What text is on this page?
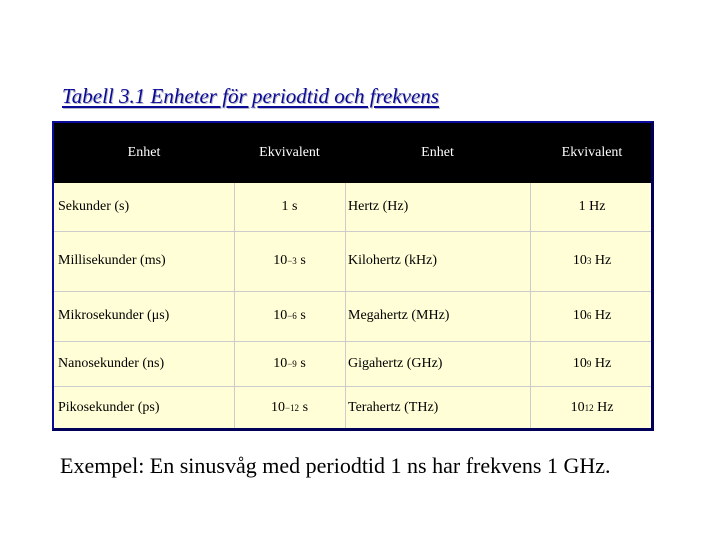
Tabell 3.1 Enheter för periodtid och frekvens
Enhet	Ekvivalent	Enhet	Ekvivalent
Sekunder (s)	1 s	Hertz (Hz)	1 Hz
Millisekunder (ms)	10 −3 s	Kilohertz (kHz)	10 3 Hz
Mikrosekunder (μs)	10 −6 s	Megahertz (MHz)	10 6 Hz
Nanosekunder (ns)	10 −9 s	Gigahertz (GHz)	10 9 Hz
Pikosekunder (ps)	10 −12 s	Terahertz (THz)	10 12 Hz
Exempel: En sinusvåg med periodtid 1 ns har frekvens 1 GHz.
